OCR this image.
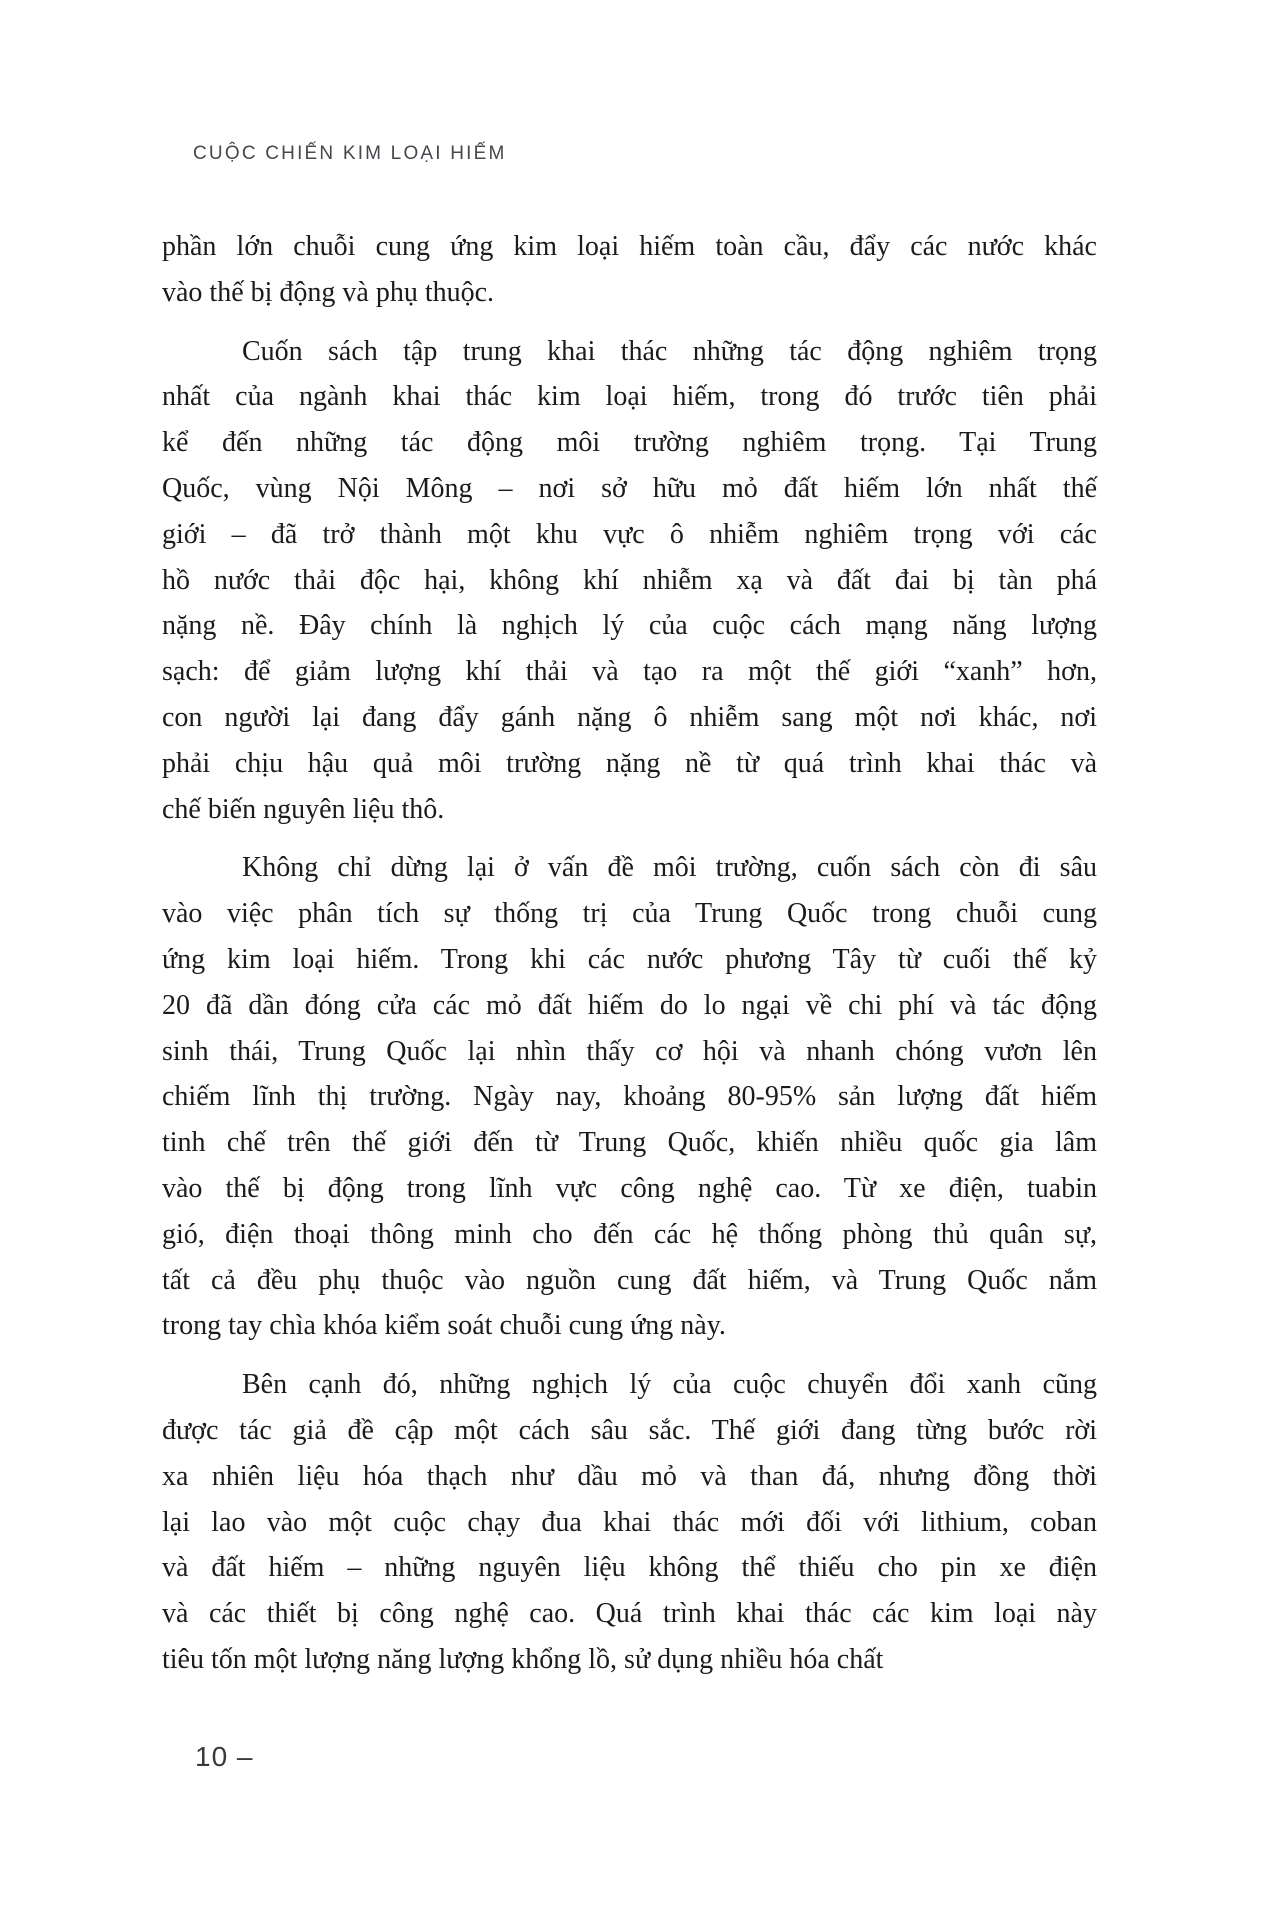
CUỘC CHIẾN KIM LOẠI HIẾM

phần lớn chuỗi cung ứng kim loại hiếm toàn cầu, đẩy các nước khác
vào thế bị động và phụ thuộc.

Cuốn sách tập trung khai thác những tác động nghiêm trọng
nhất của ngành khai thác kim loại hiếm, trong đó trước tiên phải
kể đến những tác động môi trường nghiêm trọng. Tại Trung
Quốc, vùng Nội Mông – nơi sở hữu mỏ đất hiếm lớn nhất thế
giới – đã trở thành một khu vực ô nhiễm nghiêm trọng với các
hồ nước thải độc hại, không khí nhiễm xạ và đất đai bị tàn phá
nặng nề. Đây chính là nghịch lý của cuộc cách mạng năng lượng
sạch: để giảm lượng khí thải và tạo ra một thế giới “xanh” hơn,
con người lại đang đẩy gánh nặng ô nhiễm sang một nơi khác, nơi
phải chịu hậu quả môi trường nặng nề từ quá trình khai thác và
chế biến nguyên liệu thô.

Không chỉ dừng lại ở vấn đề môi trường, cuốn sách còn đi sâu
vào việc phân tích sự thống trị của Trung Quốc trong chuỗi cung
ứng kim loại hiếm. Trong khi các nước phương Tây từ cuối thế kỷ
20 đã dần đóng cửa các mỏ đất hiếm do lo ngại về chi phí và tác động
sinh thái, Trung Quốc lại nhìn thấy cơ hội và nhanh chóng vươn lên
chiếm lĩnh thị trường. Ngày nay, khoảng 80-95% sản lượng đất hiếm
tinh chế trên thế giới đến từ Trung Quốc, khiến nhiều quốc gia lâm
vào thế bị động trong lĩnh vực công nghệ cao. Từ xe điện, tuabin
gió, điện thoại thông minh cho đến các hệ thống phòng thủ quân sự,
tất cả đều phụ thuộc vào nguồn cung đất hiếm, và Trung Quốc nắm
trong tay chìa khóa kiểm soát chuỗi cung ứng này.

Bên cạnh đó, những nghịch lý của cuộc chuyển đổi xanh cũng
được tác giả đề cập một cách sâu sắc. Thế giới đang từng bước rời
xa nhiên liệu hóa thạch như dầu mỏ và than đá, nhưng đồng thời
lại lao vào một cuộc chạy đua khai thác mới đối với lithium, coban
và đất hiếm – những nguyên liệu không thể thiếu cho pin xe điện
và các thiết bị công nghệ cao. Quá trình khai thác các kim loại này
tiêu tốn một lượng năng lượng khổng lồ, sử dụng nhiều hóa chất

10 –
